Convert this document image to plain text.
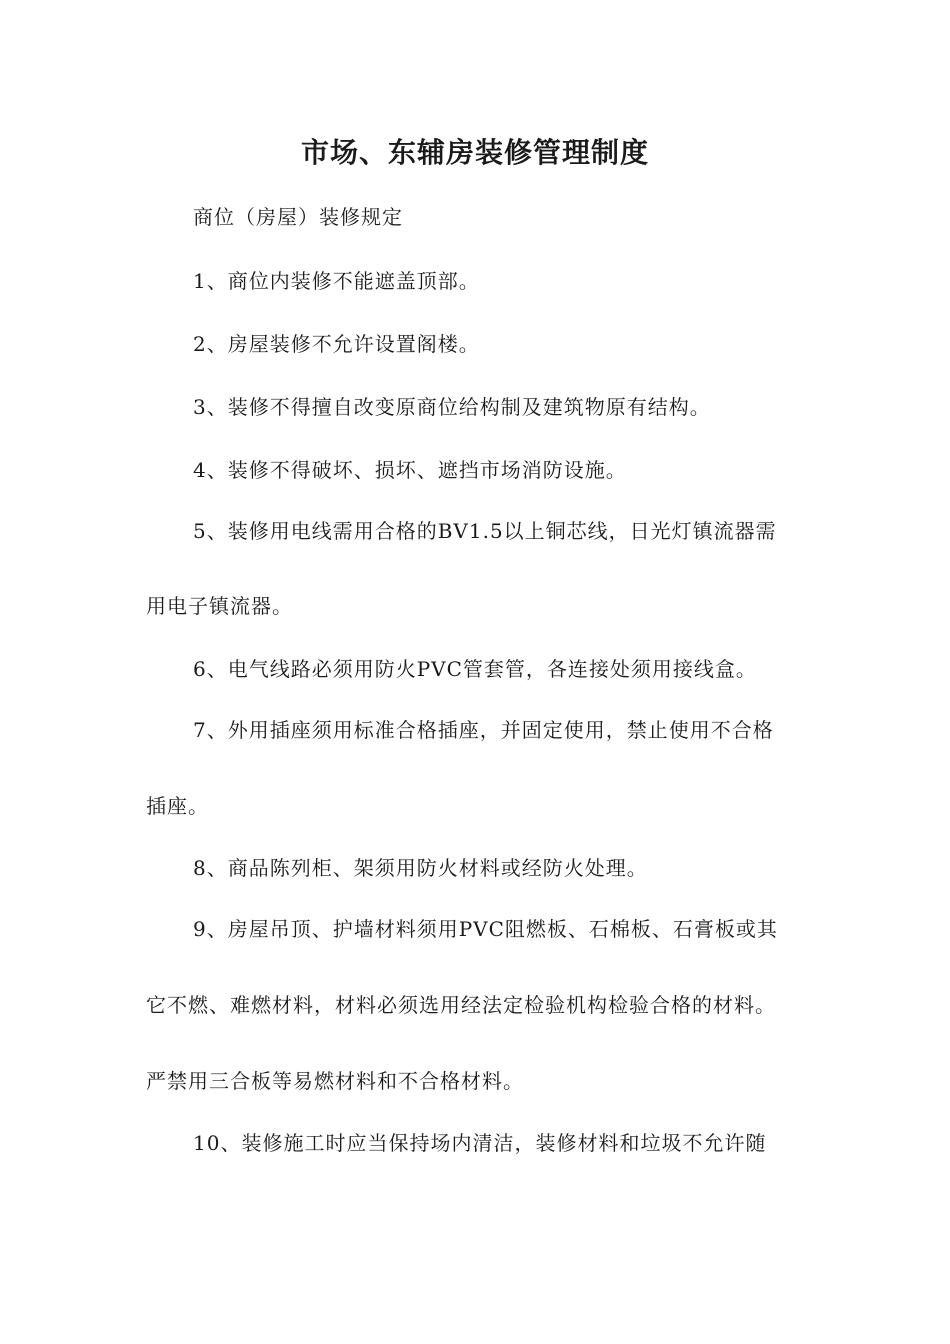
市场、东辅房装修管理制度

商位（房屋）装修规定

1、商位内装修不能遮盖顶部。

2、房屋装修不允许设置阁楼。

3、装修不得擅自改变原商位给构制及建筑物原有结构。

4、装修不得破坏、损坏、遮挡市场消防设施。

5、装修用电线需用合格的BV1.5以上铜芯线，日光灯镇流器需

用电子镇流器。

6、电气线路必须用防火PVC管套管，各连接处须用接线盒。

7、外用插座须用标准合格插座，并固定使用，禁止使用不合格

插座。

8、商品陈列柜、架须用防火材料或经防火处理。

9、房屋吊顶、护墙材料须用PVC阻燃板、石棉板、石膏板或其

它不燃、难燃材料，材料必须选用经法定检验机构检验合格的材料。

严禁用三合板等易燃材料和不合格材料。

10、装修施工时应当保持场内清洁，装修材料和垃圾不允许随
